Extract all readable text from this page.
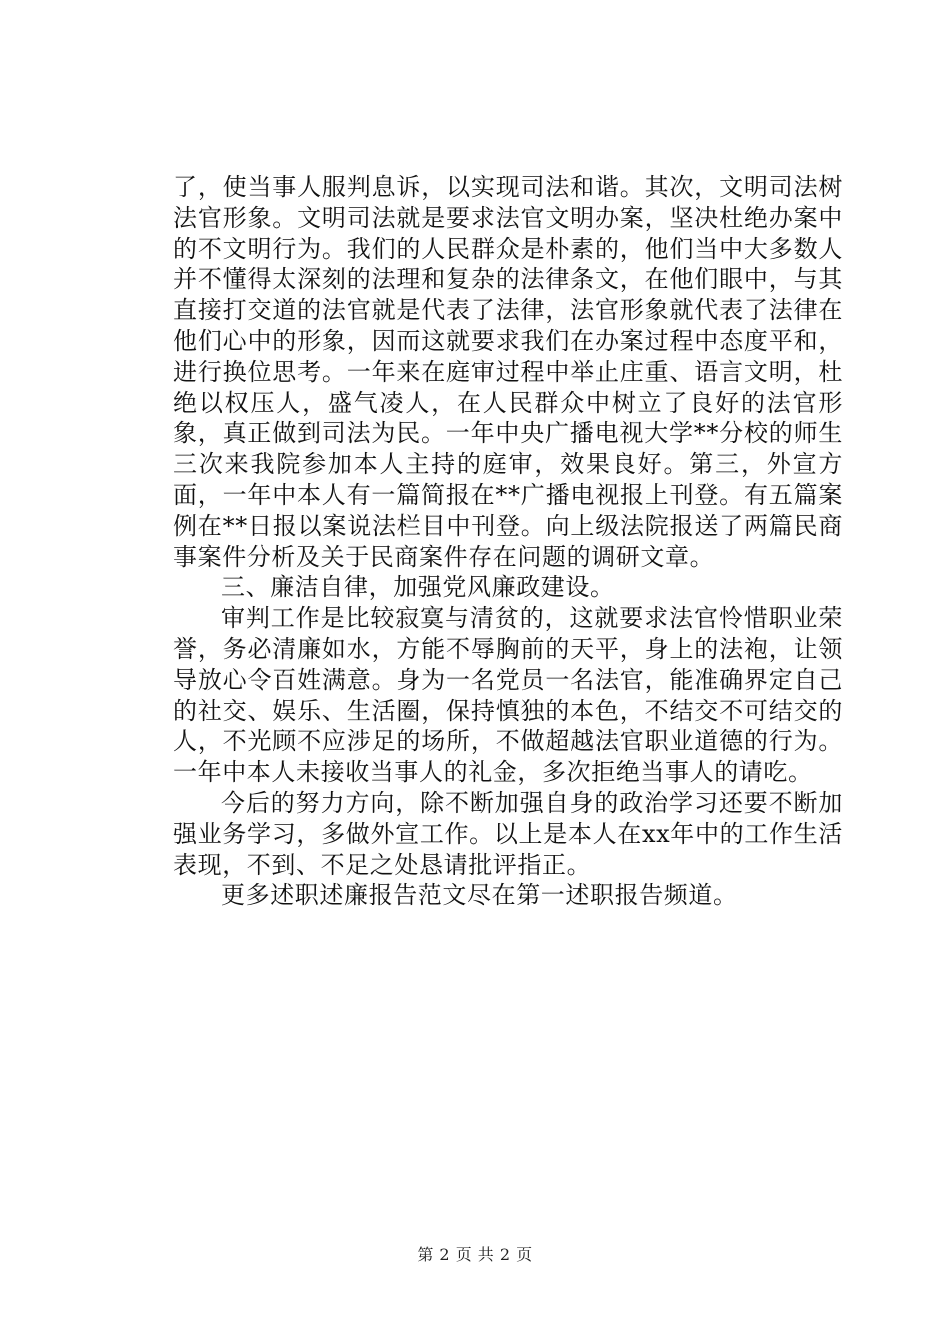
了，使当事人服判息诉，以实现司法和谐。其次，文明司法树法官形象。文明司法就是要求法官文明办案，坚决杜绝办案中的不文明行为。我们的人民群众是朴素的，他们当中大多数人并不懂得太深刻的法理和复杂的法律条文，在他们眼中，与其直接打交道的法官就是代表了法律，法官形象就代表了法律在他们心中的形象，因而这就要求我们在办案过程中态度平和，进行换位思考。一年来在庭审过程中举止庄重、语言文明，杜绝以权压人，盛气凌人，在人民群众中树立了良好的法官形象，真正做到司法为民。一年中央广播电视大学**分校的师生三次来我院参加本人主持的庭审，效果良好。第三，外宣方面，一年中本人有一篇简报在**广播电视报上刊登。有五篇案例在**日报以案说法栏目中刊登。向上级法院报送了两篇民商事案件分析及关于民商案件存在问题的调研文章。

三、廉洁自律，加强党风廉政建设。

审判工作是比较寂寞与清贫的，这就要求法官怜惜职业荣誉，务必清廉如水，方能不辱胸前的天平，身上的法袍，让领导放心令百姓满意。身为一名党员一名法官，能准确界定自己的社交、娱乐、生活圈，保持慎独的本色，不结交不可结交的人，不光顾不应涉足的场所，不做超越法官职业道德的行为。一年中本人未接收当事人的礼金，多次拒绝当事人的请吃。

今后的努力方向，除不断加强自身的政治学习还要不断加强业务学习，多做外宣工作。以上是本人在xx年中的工作生活表现，不到、不足之处恳请批评指正。

更多述职述廉报告范文尽在第一述职报告频道。

第 2 页 共 2 页
